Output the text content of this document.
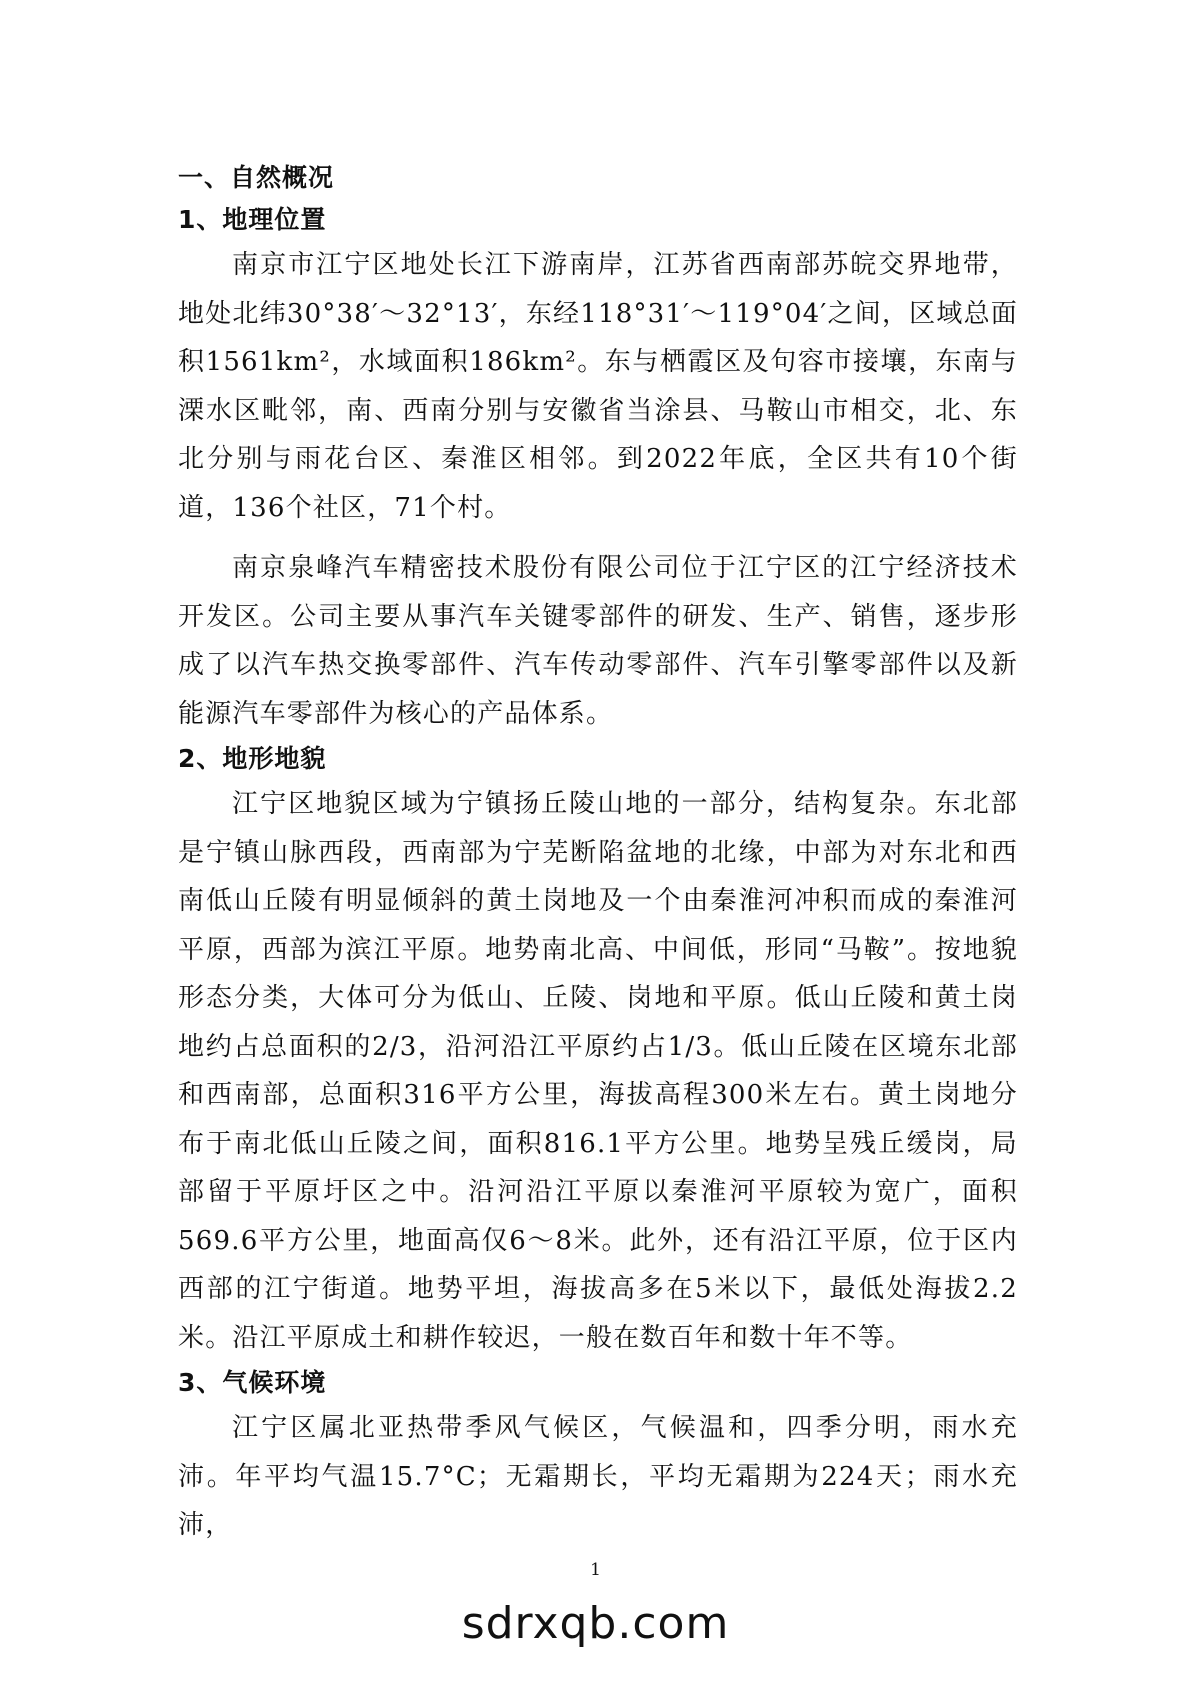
一、自然概况
1、地理位置

南京市江宁区地处长江下游南岸，江苏省西南部苏皖交界地带，地处北纬30°38′～32°13′，东经118°31′～119°04′之间，区域总面积1561km²，水域面积186km²。东与栖霞区及句容市接壤，东南与溧水区毗邻，南、西南分别与安徽省当涂县、马鞍山市相交，北、东北分别与雨花台区、秦淮区相邻。到2022年底，全区共有10个街道，136个社区，71个村。

南京泉峰汽车精密技术股份有限公司位于江宁区的江宁经济技术开发区。公司主要从事汽车关键零部件的研发、生产、销售，逐步形成了以汽车热交换零部件、汽车传动零部件、汽车引擎零部件以及新能源汽车零部件为核心的产品体系。

2、地形地貌

江宁区地貌区域为宁镇扬丘陵山地的一部分，结构复杂。东北部是宁镇山脉西段，西南部为宁芜断陷盆地的北缘，中部为对东北和西南低山丘陵有明显倾斜的黄土岗地及一个由秦淮河冲积而成的秦淮河平原，西部为滨江平原。地势南北高、中间低，形同“马鞍”。按地貌形态分类，大体可分为低山、丘陵、岗地和平原。低山丘陵和黄土岗地约占总面积的2/3，沿河沿江平原约占1/3。低山丘陵在区境东北部和西南部，总面积316平方公里，海拔高程300米左右。黄土岗地分布于南北低山丘陵之间，面积816.1平方公里。地势呈残丘缓岗，局部留于平原圩区之中。沿河沿江平原以秦淮河平原较为宽广，面积569.6平方公里，地面高仅6～8米。此外，还有沿江平原，位于区内西部的江宁街道。地势平坦，海拔高多在5米以下，最低处海拔2.2米。沿江平原成土和耕作较迟，一般在数百年和数十年不等。

3、气候环境

江宁区属北亚热带季风气候区，气候温和，四季分明，雨水充沛。年平均气温15.7°C；无霜期长，平均无霜期为224天；雨水充沛，

1
sdrxqb.com
